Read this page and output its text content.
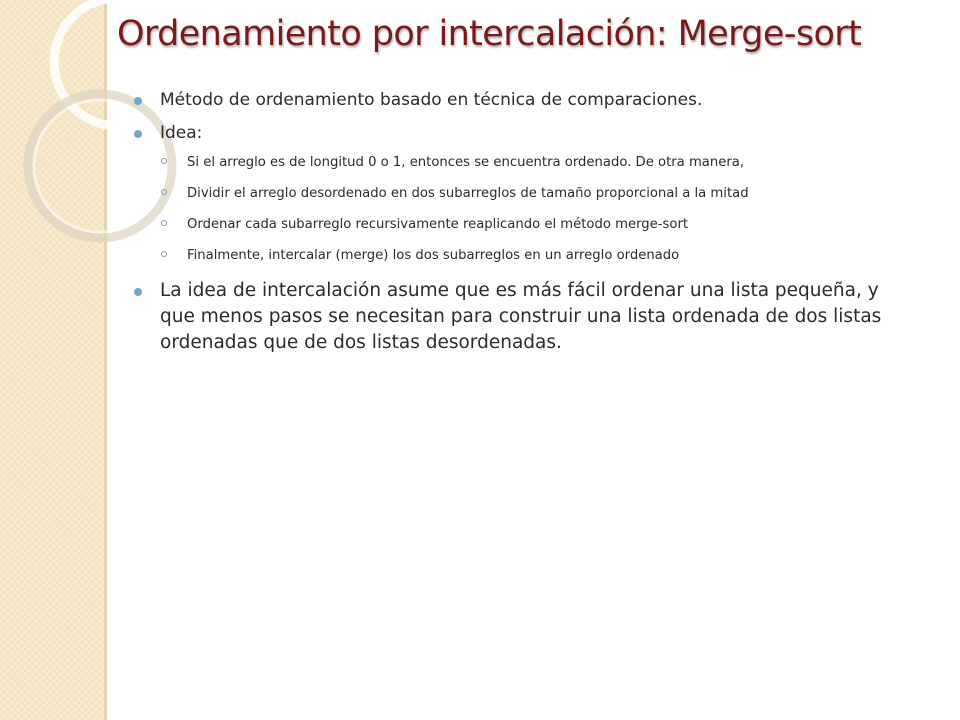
Ordenamiento por intercalación: Merge-sort
Método de ordenamiento basado en técnica de comparaciones.
Idea:
Si el arreglo es de longitud 0 o 1, entonces se encuentra ordenado. De otra manera,
Dividir el arreglo desordenado en dos subarreglos de tamaño proporcional a la mitad
Ordenar cada subarreglo recursivamente reaplicando el método merge-sort
Finalmente, intercalar (merge) los dos subarreglos en un arreglo ordenado
La idea de intercalación asume que es más fácil ordenar una lista pequeña, y que menos pasos se necesitan para construir una lista ordenada de dos listas ordenadas que de dos listas desordenadas.
